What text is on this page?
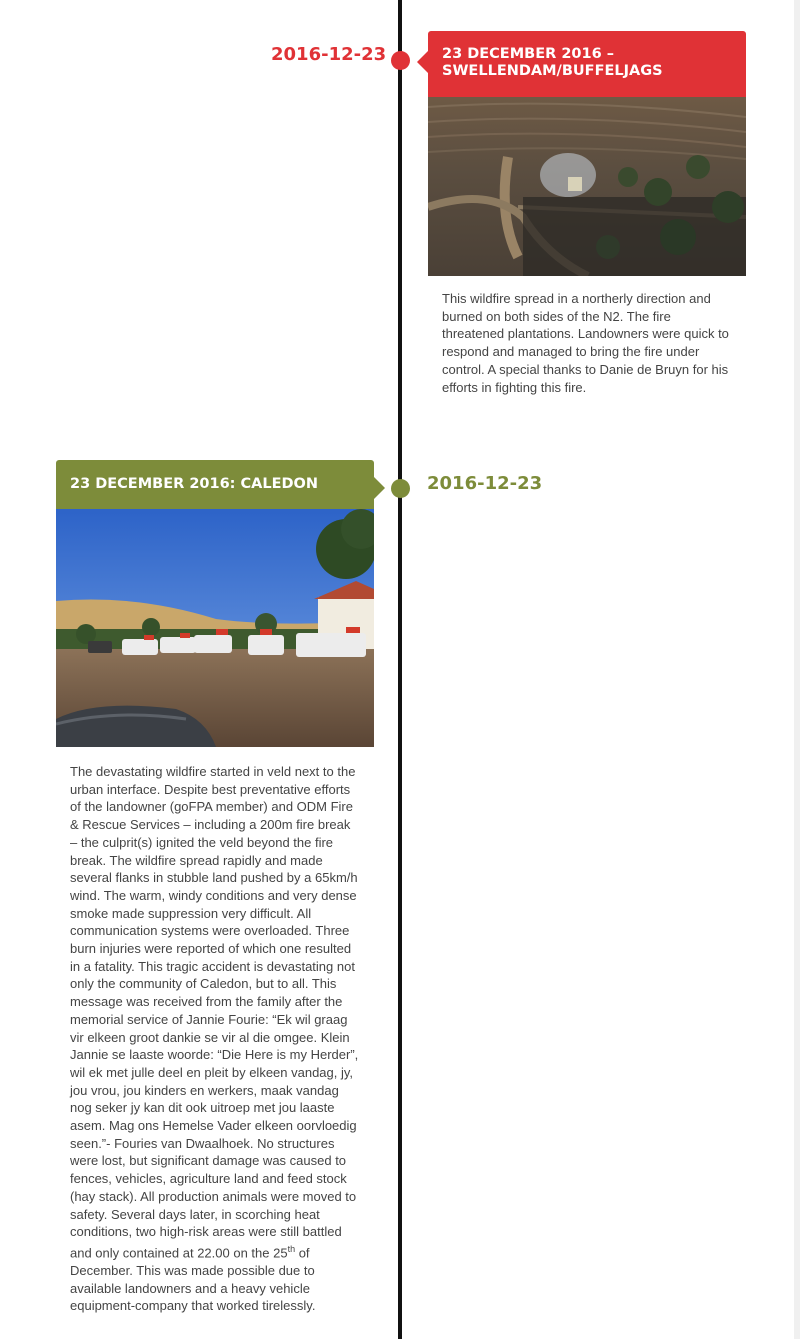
2016-12-23	23 DECEMBER 2016 –
SWELLENDAM/BUFFELJAGS
This wildfire spread in a northerly direction and burned on both sides of the N2. The fire threatened plantations. Landowners were quick to respond and managed to bring the fire under control. A special thanks to Danie de Bruyn for his efforts in fighting this fire.
2016-12-23
23 DECEMBER 2016: CALEDON
The devastating wildfire started in veld next to the urban interface. Despite best preventative efforts of the landowner (goFPA member) and ODM Fire & Rescue Services – including a 200m fire break – the culprit(s) ignited the veld beyond the fire break. The wildfire spread rapidly and made several flanks in stubble land pushed by a 65km/h wind. The warm, windy conditions and very dense smoke made suppression very difficult. All communication systems were overloaded. Three burn injuries were reported of which one resulted in a fatality. This tragic accident is devastating not only the community of Caledon, but to all. This message was received from the family after the memorial service of Jannie Fourie: “Ek wil graag vir elkeen groot dankie se vir al die omgee. Klein Jannie se laaste woorde: “Die Here is my Herder”, wil ek met julle deel en pleit by elkeen vandag, jy, jou vrou, jou kinders en werkers, maak vandag nog seker jy kan dit ook uitroep met jou laaste asem. Mag ons Hemelse Vader elkeen oorvloedig seen.”- Fouries van Dwaalhoek. No structures were lost, but significant damage was caused to fences, vehicles, agriculture land and feed stock (hay stack). All production animals were moved to safety. Several days later, in scorching heat conditions, two high-risk areas were still battled and only contained at 22.00 on the 25th of December. This was made possible due to available landowners and a heavy vehicle equipment-company that worked tirelessly.
